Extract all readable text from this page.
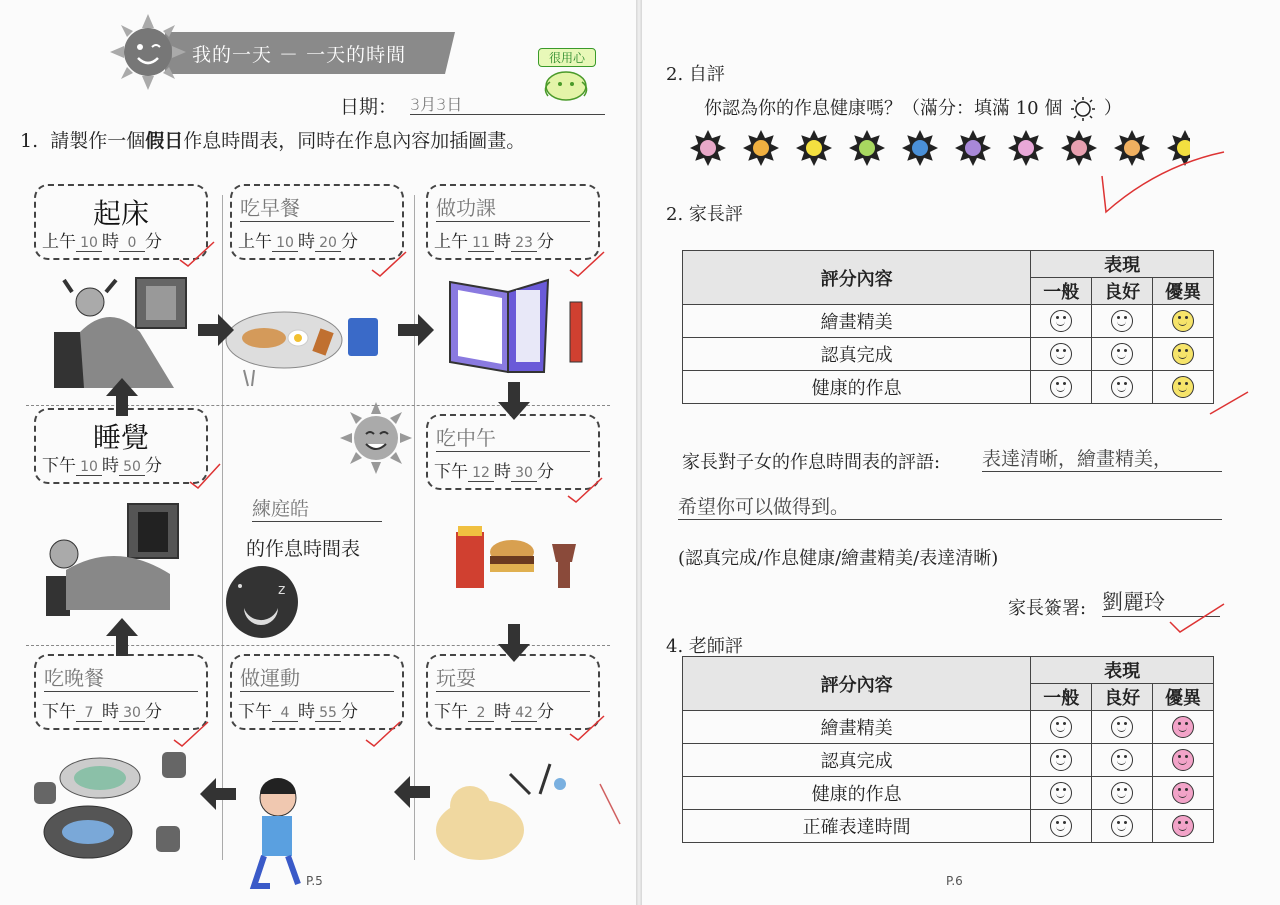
我的一天 － 一天的時間	很用心
日期： 3月3日
1. 請製作一個假日作息時間表，同時在作息內容加插圖畫。
起床
上午 10 時 0 分
吃早餐
上午 10 時 20 分
做功課
上午 11 時 23 分
睡覺
下午 10 時 50 分
吃中午
下午 12 時 30 分
吃晚餐
下午 7 時 30 分
做運動
下午 4 時 55 分
玩耍
下午 2 時 42 分
練庭皓
的作息時間表
z
P.5
2. 自評
你認為你的作息健康嗎？（滿分：填滿 10 個 ）
2. 家長評
評分內容	表現		
	一般	良好	優異
繪畫精美	

認真完成	

健康的作息	

家長對子女的作息時間表的評語: 表達清晰，繪畫精美，
希望你可以做得到。
(認真完成/作息健康/繪畫精美/表達清晰)
家長簽署: 劉麗玲
4. 老師評
評分內容	表現		
	一般	良好	優異
繪畫精美	

認真完成	

健康的作息	

正確表達時間	

P.6
